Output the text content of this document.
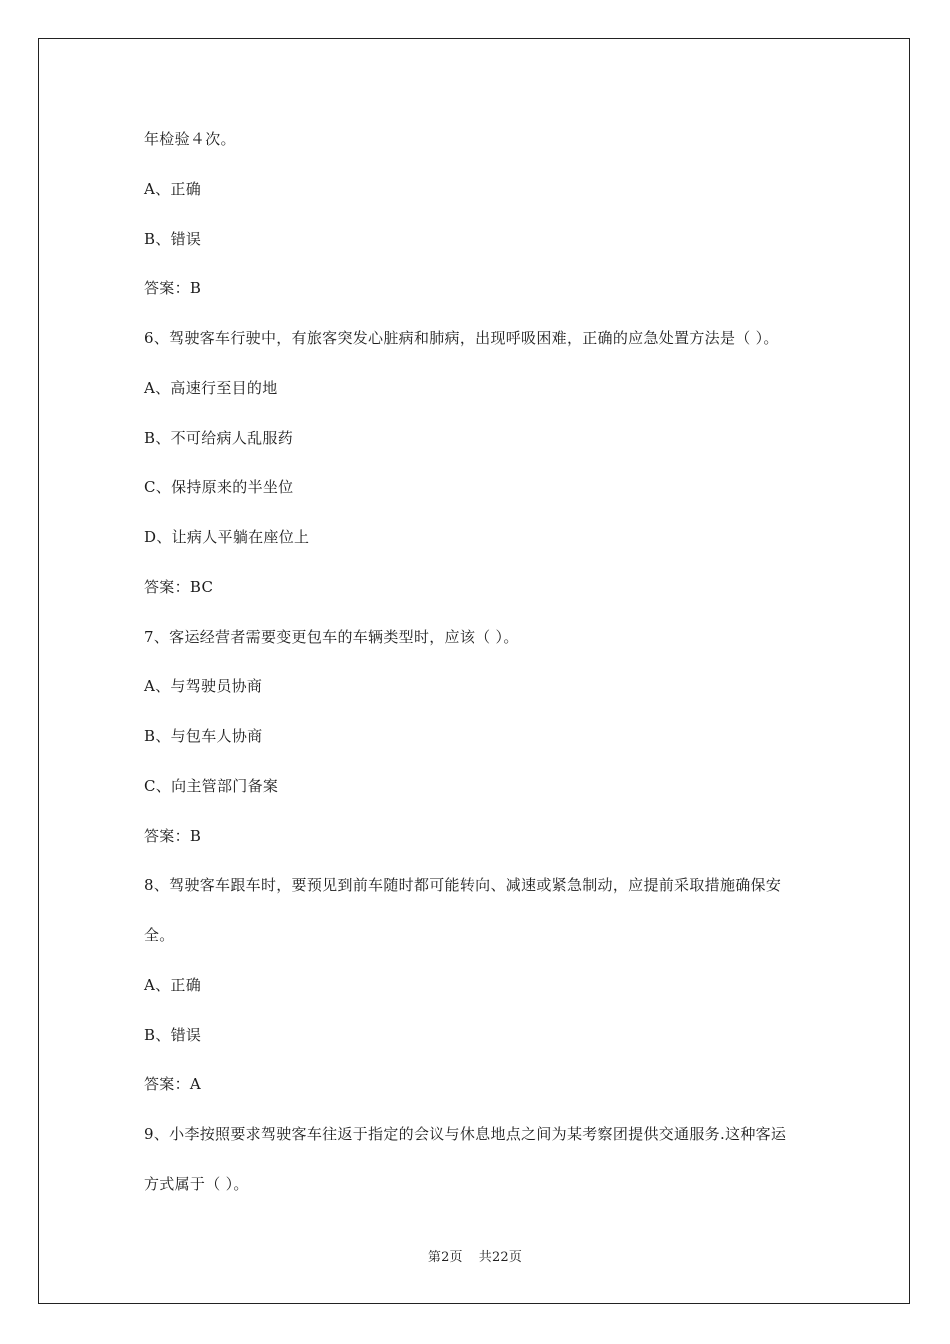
年检验４次。
A、正确
B、错误
答案：B
6、驾驶客车行驶中，有旅客突发心脏病和肺病，出现呼吸困难，正确的应急处置方法是（ ）。
A、高速行至目的地
B、不可给病人乱服药
C、保持原来的半坐位
D、让病人平躺在座位上
答案：BC
7、客运经营者需要变更包车的车辆类型时，应该（ ）。
A、与驾驶员协商
B、与包车人协商
C、向主管部门备案
答案：B
8、驾驶客车跟车时，要预见到前车随时都可能转向、减速或紧急制动，应提前采取措施确保安
全。
A、正确
B、错误
答案：A
9、小李按照要求驾驶客车往返于指定的会议与休息地点之间为某考察团提供交通服务.这种客运
方式属于（ ）。
第2页 共22页
